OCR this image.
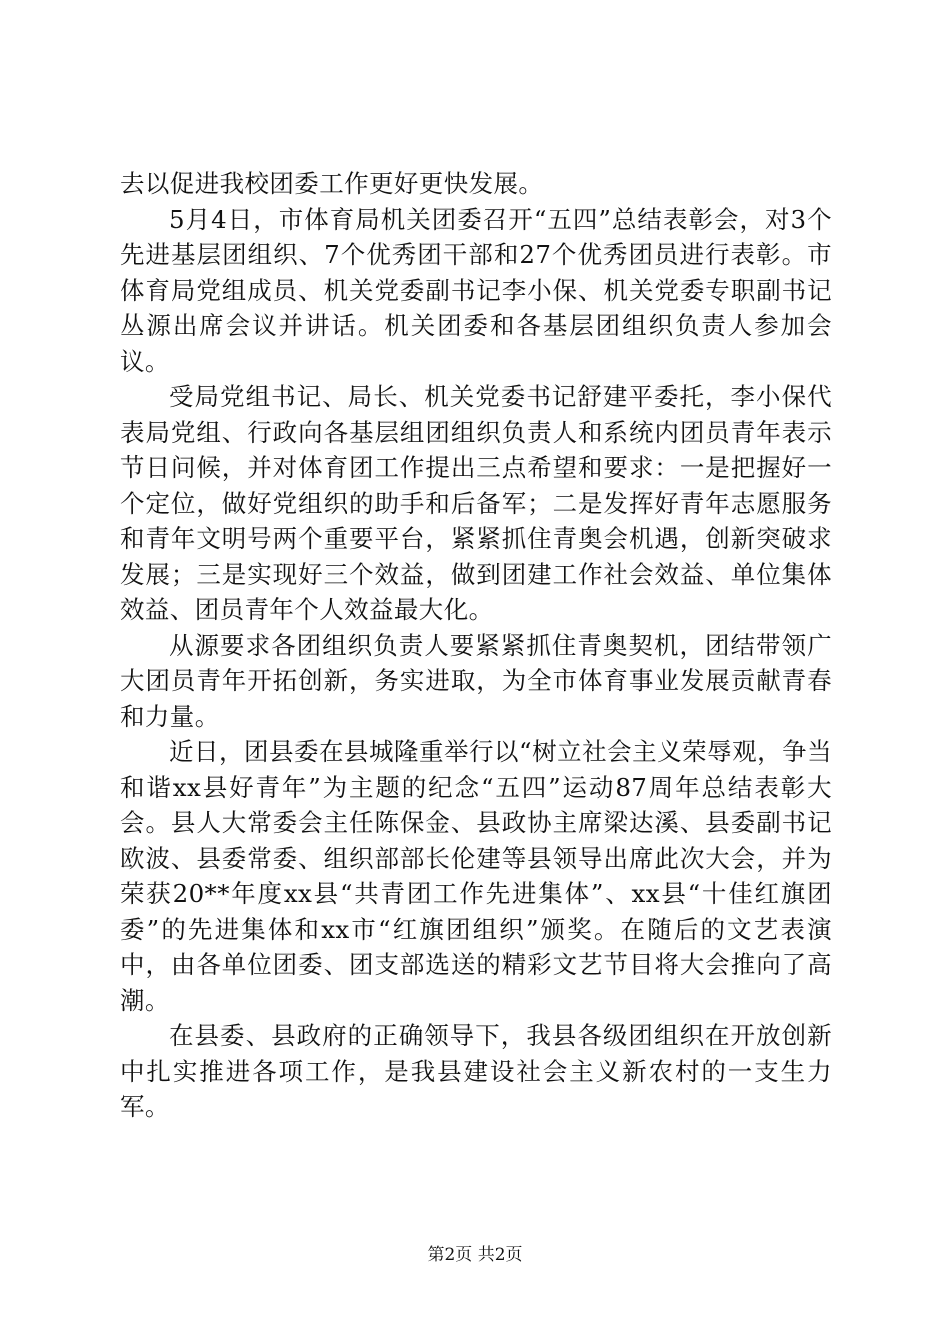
去以促进我校团委工作更好更快发展。

5月4日，市体育局机关团委召开“五四”总结表彰会，对3个先进基层团组织、7个优秀团干部和27个优秀团员进行表彰。市体育局党组成员、机关党委副书记李小保、机关党委专职副书记丛源出席会议并讲话。机关团委和各基层团组织负责人参加会议。

受局党组书记、局长、机关党委书记舒建平委托，李小保代表局党组、行政向各基层组团组织负责人和系统内团员青年表示节日问候，并对体育团工作提出三点希望和要求：一是把握好一个定位，做好党组织的助手和后备军；二是发挥好青年志愿服务和青年文明号两个重要平台，紧紧抓住青奥会机遇，创新突破求发展；三是实现好三个效益，做到团建工作社会效益、单位集体效益、团员青年个人效益最大化。

从源要求各团组织负责人要紧紧抓住青奥契机，团结带领广大团员青年开拓创新，务实进取，为全市体育事业发展贡献青春和力量。

近日，团县委在县城隆重举行以“树立社会主义荣辱观，争当和谐xx县好青年”为主题的纪念“五四”运动87周年总结表彰大会。县人大常委会主任陈保金、县政协主席梁达溪、县委副书记欧波、县委常委、组织部部长伦建等县领导出席此次大会，并为荣获20**年度xx县“共青团工作先进集体”、xx县“十佳红旗团委”的先进集体和xx市“红旗团组织”颁奖。在随后的文艺表演中，由各单位团委、团支部选送的精彩文艺节目将大会推向了高潮。

在县委、县政府的正确领导下，我县各级团组织在开放创新中扎实推进各项工作，是我县建设社会主义新农村的一支生力军。

第2页 共2页
